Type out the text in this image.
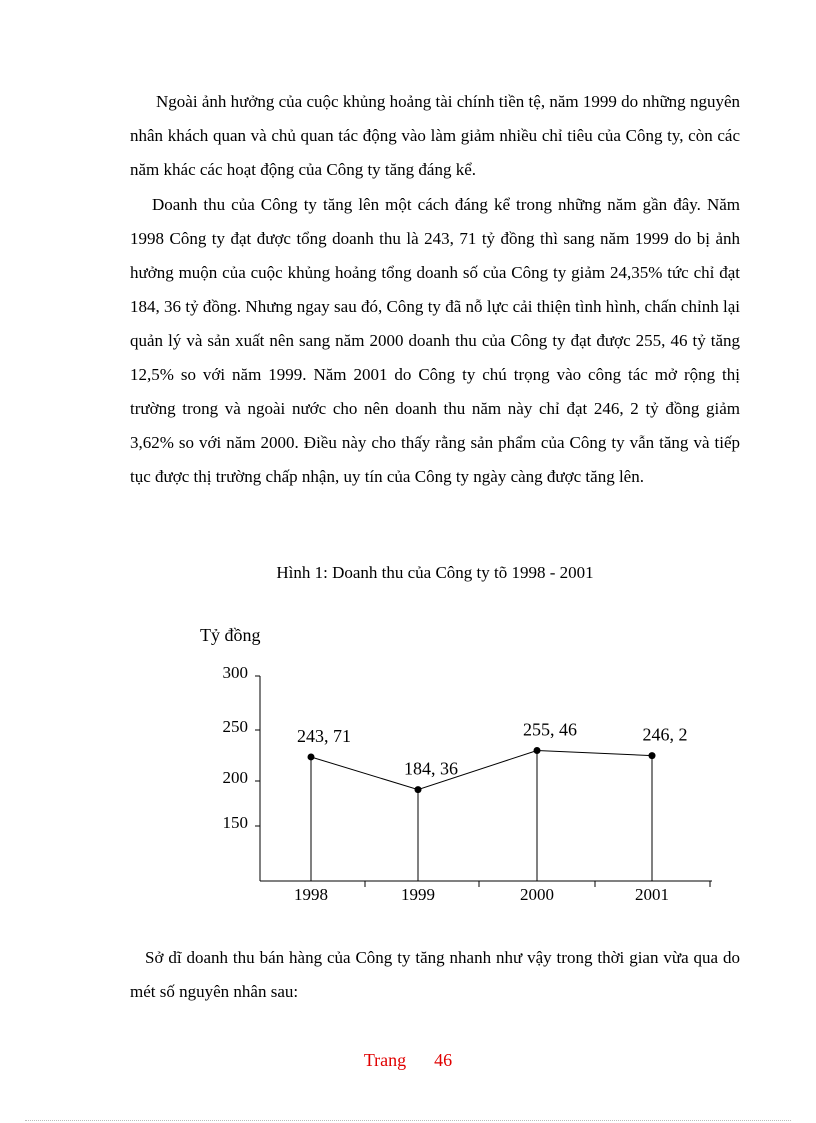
Ngoài ảnh hưởng của cuộc khủng hoảng tài chính tiền tệ, năm 1999 do những nguyên nhân khách quan và chủ quan tác động vào làm giảm nhiều chỉ tiêu của Công ty, còn các năm khác các hoạt động của Công ty tăng đáng kể.

Doanh thu của Công ty tăng lên một cách đáng kể trong những năm gần đây. Năm 1998 Công ty đạt được tổng doanh thu là 243, 71 tỷ đồng thì sang năm 1999 do bị ảnh hưởng muộn của cuộc khủng hoảng tổng doanh số của Công ty giảm 24,35% tức chỉ đạt 184, 36 tỷ đồng. Nhưng ngay sau đó, Công ty đã nỗ lực cải thiện tình hình, chấn chỉnh lại quản lý và sản xuất nên sang năm 2000 doanh thu của Công ty đạt được 255, 46 tỷ tăng 12,5% so với năm 1999. Năm 2001 do Công ty chú trọng vào công tác mở rộng thị trường trong và ngoài nước cho nên doanh thu năm này chỉ đạt 246, 2 tỷ đồng giảm 3,62% so với năm 2000. Điều này cho thấy rằng sản phẩm của Công ty vẫn tăng và tiếp tục được thị trường chấp nhận, uy tín của Công ty ngày càng được tăng lên.

Hình 1: Doanh thu của Công ty tõ 1998 - 2001
Tỷ đồng
300
250
200
150
1998	1999	2000	2001
243, 71
184, 36
255, 46	246, 2

Sở dĩ doanh thu bán hàng của Công ty tăng nhanh như vậy trong thời gian vừa qua do mét số nguyên nhân sau:

Trang 46
